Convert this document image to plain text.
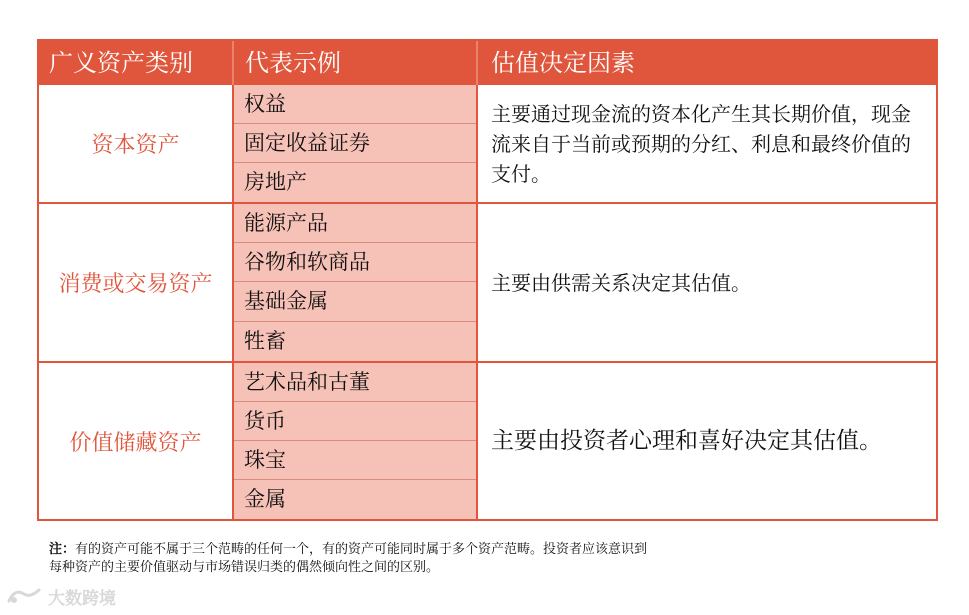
广义资产类别 代表示例	估值决定因素
资本资产
权益
固定收益证券
房地产
主要通过现金流的资本化产生其长期价值，现金流来自于当前或预期的分红、利息和最终价值的支付。
消费或交易资产
能源产品
谷物和软商品
基础金属
牲畜
主要由供需关系决定其估值。
价值储藏资产
艺术品和古董
货币
珠宝
金属
主要由投资者心理和喜好决定其估值。
注：有的资产可能不属于三个范畴的任何一个，有的资产可能同时属于多个资产范畴。投资者应该意识到
每种资产的主要价值驱动与市场错误归类的偶然倾向性之间的区别。
大数跨境
